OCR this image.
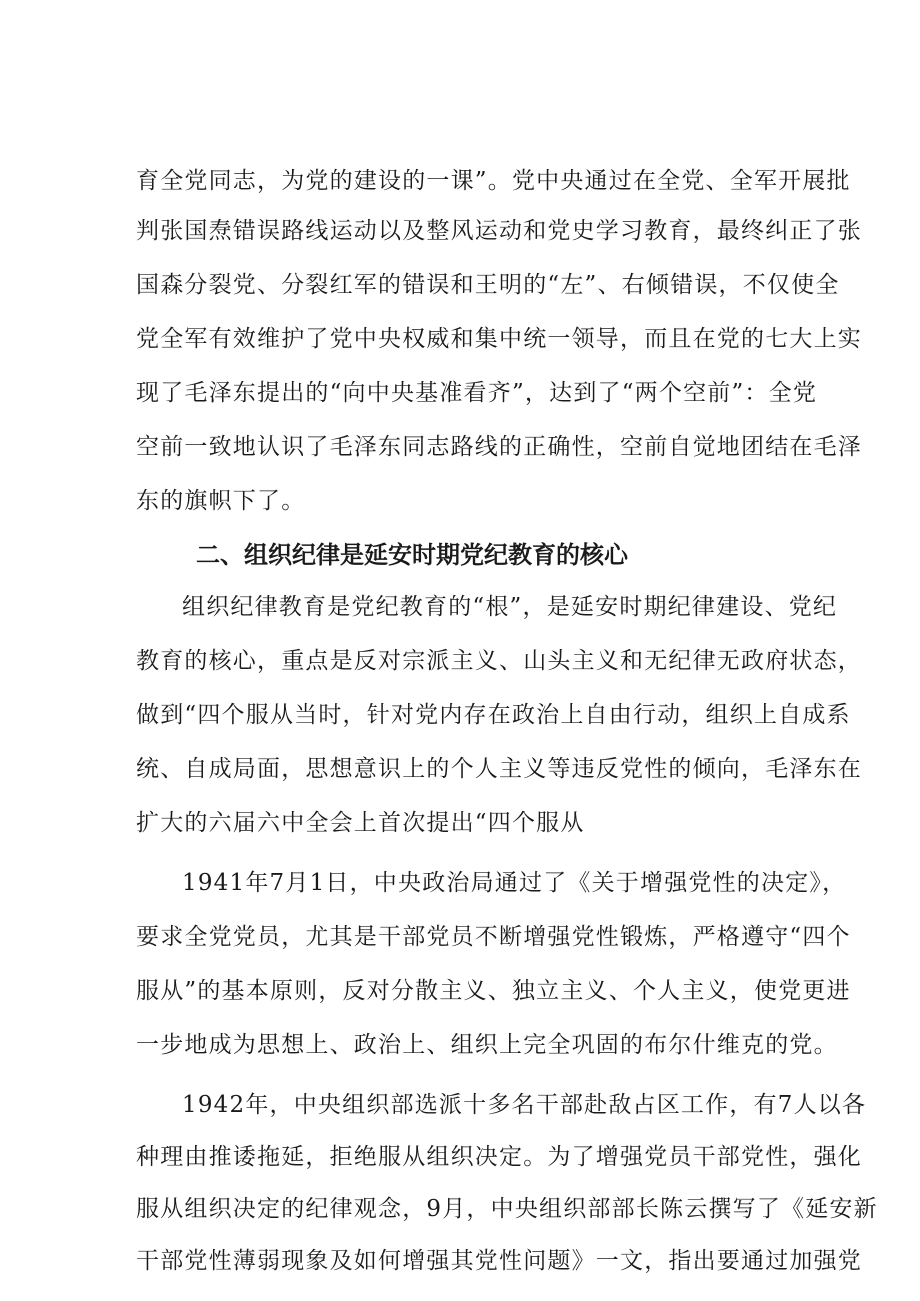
育全党同志，为党的建设的一课”。党中央通过在全党、全军开展批
判张国焘错误路线运动以及整风运动和党史学习教育，最终纠正了张
国森分裂党、分裂红军的错误和王明的“左”、右倾错误，不仅使全
党全军有效维护了党中央权威和集中统一领导，而且在党的七大上实
现了毛泽东提出的“向中央基准看齐”，达到了“两个空前”：全党
空前一致地认识了毛泽东同志路线的正确性，空前自觉地团结在毛泽
东的旗帜下了。
二、组织纪律是延安时期党纪教育的核心
组织纪律教育是党纪教育的“根”，是延安时期纪律建设、党纪
教育的核心，重点是反对宗派主义、山头主义和无纪律无政府状态，
做到“四个服从当时，针对党内存在政治上自由行动，组织上自成系
统、自成局面，思想意识上的个人主义等违反党性的倾向，毛泽东在
扩大的六届六中全会上首次提出“四个服从
1941年7月1日，中央政治局通过了《关于增强党性的决定》，
要求全党党员，尤其是干部党员不断增强党性锻炼，严格遵守“四个
服从”的基本原则，反对分散主义、独立主义、个人主义，使党更进
一步地成为思想上、政治上、组织上完全巩固的布尔什维克的党。
1942年，中央组织部选派十多名干部赴敌占区工作，有7人以各
种理由推诿拖延，拒绝服从组织决定。为了增强党员干部党性，强化
服从组织决定的纪律观念，9月，中央组织部部长陈云撰写了《延安新
干部党性薄弱现象及如何增强其党性问题》一文，指出要通过加强党
